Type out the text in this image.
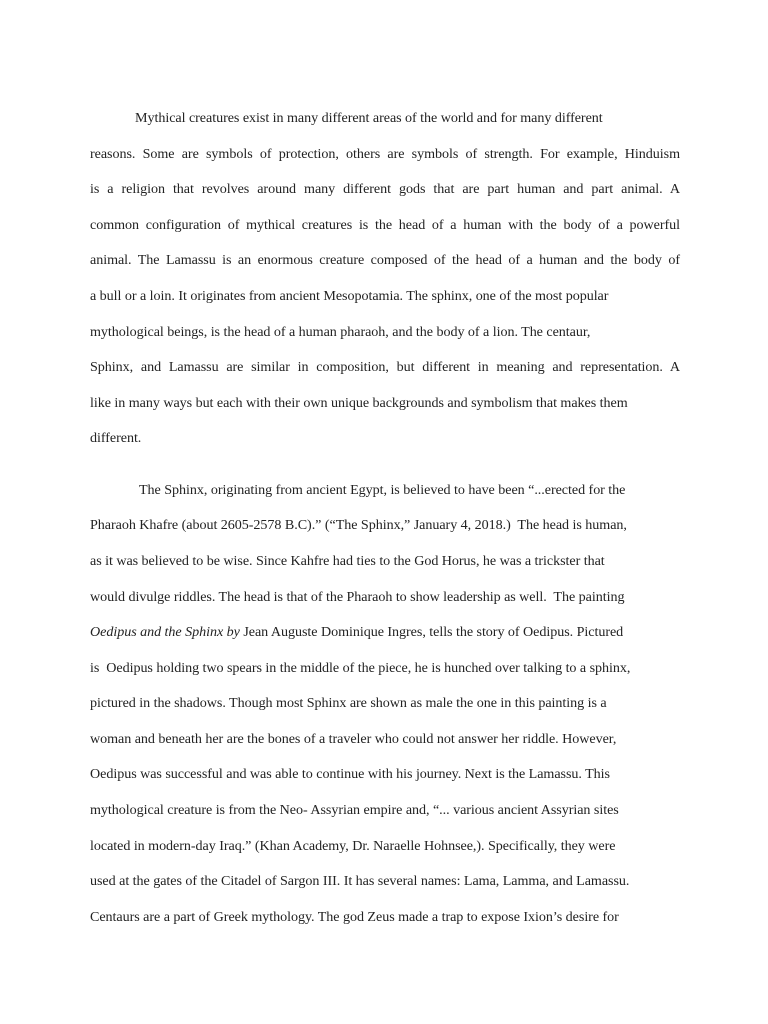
Mythical creatures exist in many different areas of the world and for many different
reasons. Some are symbols of protection, others are symbols of strength. For example, Hinduism
is a religion that revolves around many different gods that are part human and part animal. A
common configuration of mythical creatures is the head of a human with the body of a powerful
animal. The Lamassu is an enormous creature composed of the head of a human and the body of
a bull or a loin. It originates from ancient Mesopotamia. The sphinx, one of the most popular
mythological beings, is the head of a human pharaoh, and the body of a lion. The centaur,
Sphinx, and Lamassu are similar in composition, but different in meaning and representation. A
like in many ways but each with their own unique backgrounds and symbolism that makes them
different.
The Sphinx, originating from ancient Egypt, is believed to have been “...erected for the
Pharaoh Khafre (about 2605-2578 B.C).” (“The Sphinx,” January 4, 2018.)  The head is human,
as it was believed to be wise. Since Kahfre had ties to the God Horus, he was a trickster that
would divulge riddles. The head is that of the Pharaoh to show leadership as well.  The painting
Oedipus and the Sphinx by Jean Auguste Dominique Ingres, tells the story of Oedipus. Pictured
is  Oedipus holding two spears in the middle of the piece, he is hunched over talking to a sphinx,
pictured in the shadows. Though most Sphinx are shown as male the one in this painting is a
woman and beneath her are the bones of a traveler who could not answer her riddle. However,
Oedipus was successful and was able to continue with his journey. Next is the Lamassu. This
mythological creature is from the Neo- Assyrian empire and, “... various ancient Assyrian sites
located in modern-day Iraq.” (Khan Academy, Dr. Naraelle Hohnsee,). Specifically, they were
used at the gates of the Citadel of Sargon III. It has several names: Lama, Lamma, and Lamassu.
Centaurs are a part of Greek mythology. The god Zeus made a trap to expose Ixion’s desire for
